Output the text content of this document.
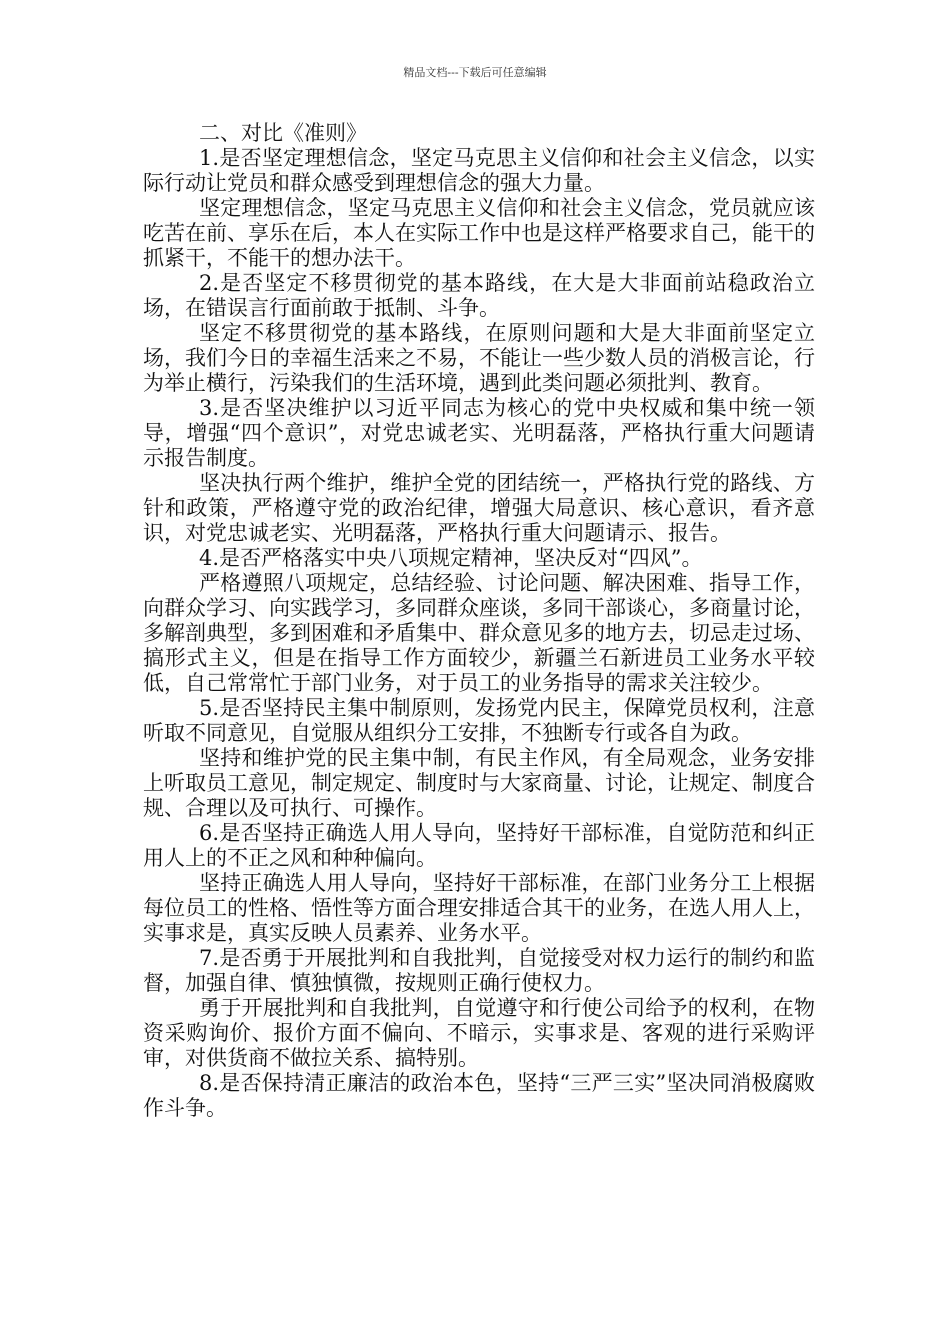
精品文档---下载后可任意编辑

二、对比《准则》

1.是否坚定理想信念，坚定马克思主义信仰和社会主义信念，以实际行动让党员和群众感受到理想信念的强大力量。

坚定理想信念，坚定马克思主义信仰和社会主义信念，党员就应该吃苦在前、享乐在后，本人在实际工作中也是这样严格要求自己，能干的抓紧干，不能干的想办法干。

2.是否坚定不移贯彻党的基本路线，在大是大非面前站稳政治立场，在错误言行面前敢于抵制、斗争。

坚定不移贯彻党的基本路线，在原则问题和大是大非面前坚定立场，我们今日的幸福生活来之不易，不能让一些少数人员的消极言论，行为举止横行，污染我们的生活环境，遇到此类问题必须批判、教育。

3.是否坚决维护以习近平同志为核心的党中央权威和集中统一领导，增强“四个意识”，对党忠诚老实、光明磊落，严格执行重大问题请示报告制度。

坚决执行两个维护，维护全党的团结统一，严格执行党的路线、方针和政策，严格遵守党的政治纪律，增强大局意识、核心意识，看齐意识，对党忠诚老实、光明磊落，严格执行重大问题请示、报告。

4.是否严格落实中央八项规定精神，坚决反对“四风”。

严格遵照八项规定，总结经验、讨论问题、解决困难、指导工作，向群众学习、向实践学习，多同群众座谈，多同干部谈心，多商量讨论，多解剖典型，多到困难和矛盾集中、群众意见多的地方去，切忌走过场、搞形式主义，但是在指导工作方面较少，新疆兰石新进员工业务水平较低，自己常常忙于部门业务，对于员工的业务指导的需求关注较少。

5.是否坚持民主集中制原则，发扬党内民主，保障党员权利，注意听取不同意见，自觉服从组织分工安排，不独断专行或各自为政。

坚持和维护党的民主集中制，有民主作风，有全局观念，业务安排上听取员工意见，制定规定、制度时与大家商量、讨论，让规定、制度合规、合理以及可执行、可操作。

6.是否坚持正确选人用人导向，坚持好干部标准，自觉防范和纠正用人上的不正之风和种种偏向。

坚持正确选人用人导向，坚持好干部标准，在部门业务分工上根据每位员工的性格、悟性等方面合理安排适合其干的业务，在选人用人上，实事求是，真实反映人员素养、业务水平。

7.是否勇于开展批判和自我批判，自觉接受对权力运行的制约和监督，加强自律、慎独慎微，按规则正确行使权力。

勇于开展批判和自我批判，自觉遵守和行使公司给予的权利，在物资采购询价、报价方面不偏向、不暗示，实事求是、客观的进行采购评审，对供货商不做拉关系、搞特别。

8.是否保持清正廉洁的政治本色，坚持“三严三实”坚决同消极腐败作斗争。
